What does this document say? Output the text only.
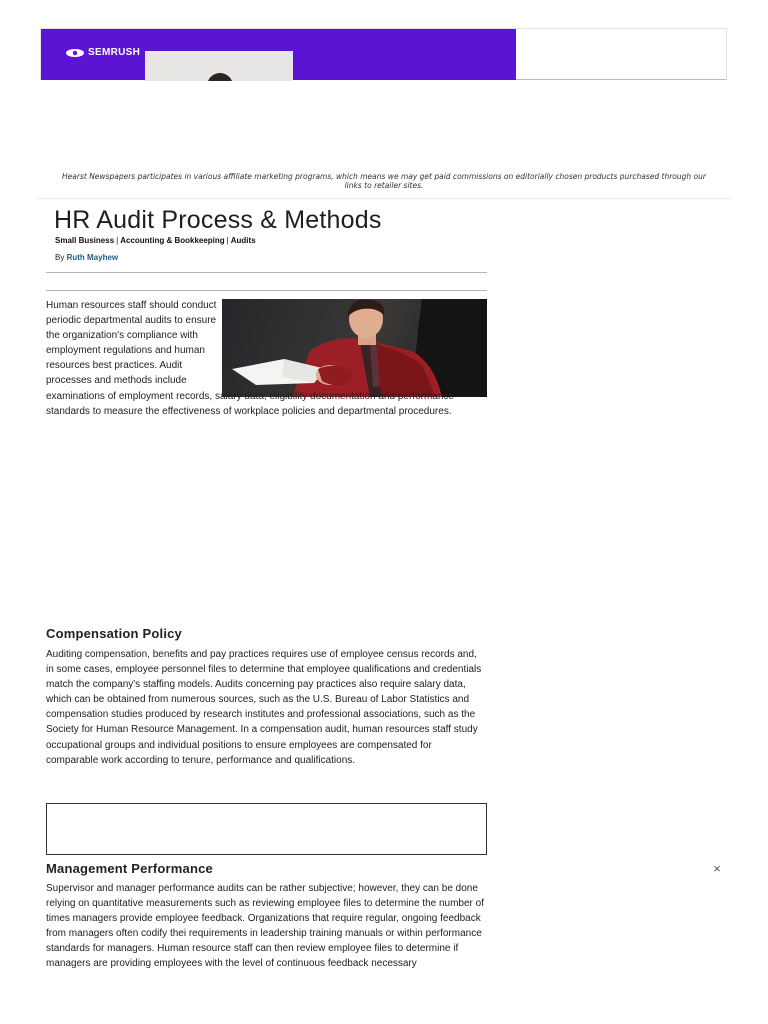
SEMRUSH
Hearst Newspapers participates in various affiliate marketing programs, which means we may get paid commissions on editorially chosen products purchased through our links to retailer sites.
HR Audit Process & Methods
Small Business | Accounting & Bookkeeping | Audits
By Ruth Mayhew

Human resources staff should conduct periodic departmental audits to ensure the organization's compliance with employment regulations and human resources best practices. Audit processes and methods include
examinations of employment records, salary data, eligibility documentation and performance standards to measure the effectiveness of workplace policies and departmental procedures.

Compensation Policy

Auditing compensation, benefits and pay practices requires use of employee census records and, in some cases, employee personnel files to determine that employee qualifications and credentials match the company's staffing models. Audits concerning pay practices also require salary data, which can be obtained from numerous sources, such as the U.S. Bureau of Labor Statistics and compensation studies produced by research institutes and professional associations, such as the Society for Human Resource Management. In a compensation audit, human resources staff study occupational groups and individual positions to ensure employees are compensated for comparable work according to tenure, performance and qualifications.

Management Performance

Supervisor and manager performance audits can be rather subjective; however, they can be done relying on quantitative measurements such as reviewing employee files to determine the number of times managers provide employee feedback. Organizations that require regular, ongoing feedback from managers often codify thei requirements in leadership training manuals or within performance standards for managers. Human resource staff can then review employee files to determine if managers are providing employees with the level of continuous feedback necessary

×
